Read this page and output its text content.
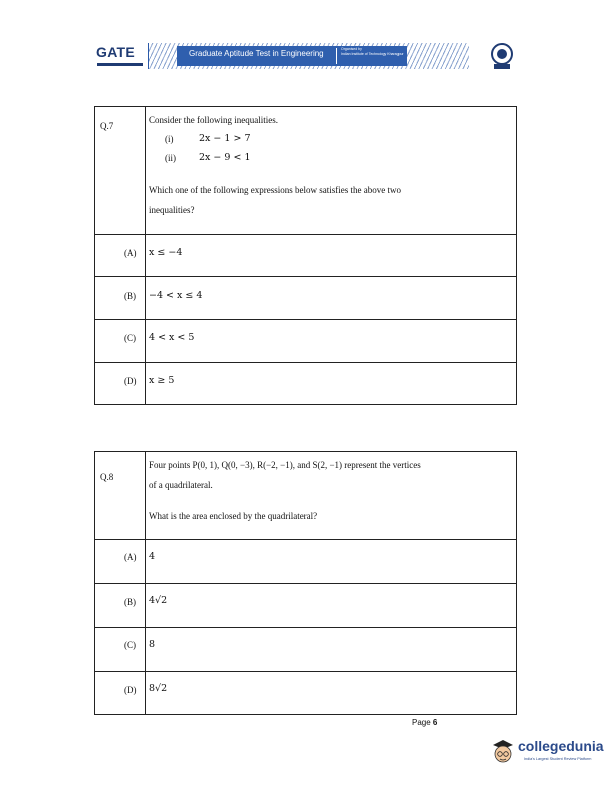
GATE	Graduate Aptitude Test in Engineering	Organised by
Indian Institute of Technology Kharagpur
Q.7
Consider the following inequalities.
(i)	2x − 1 > 7
(ii) 2x − 9 < 1
Which one of the following expressions below satisfies the above two
inequalities?
(A) x ≤ −4
(B) −4 < x ≤ 4
(C) 4 < x < 5
(D) x ≥ 5
Q.8
Four points P(0, 1), Q(0, −3), R(−2, −1), and S(2, −1) represent the vertices
of a quadrilateral.
What is the area enclosed by the quadrilateral?
(A) 4
(B) 4√2
(C) 8
(D) 8√2
Page 6
collegedunia
India's Largest Student Review Platform
